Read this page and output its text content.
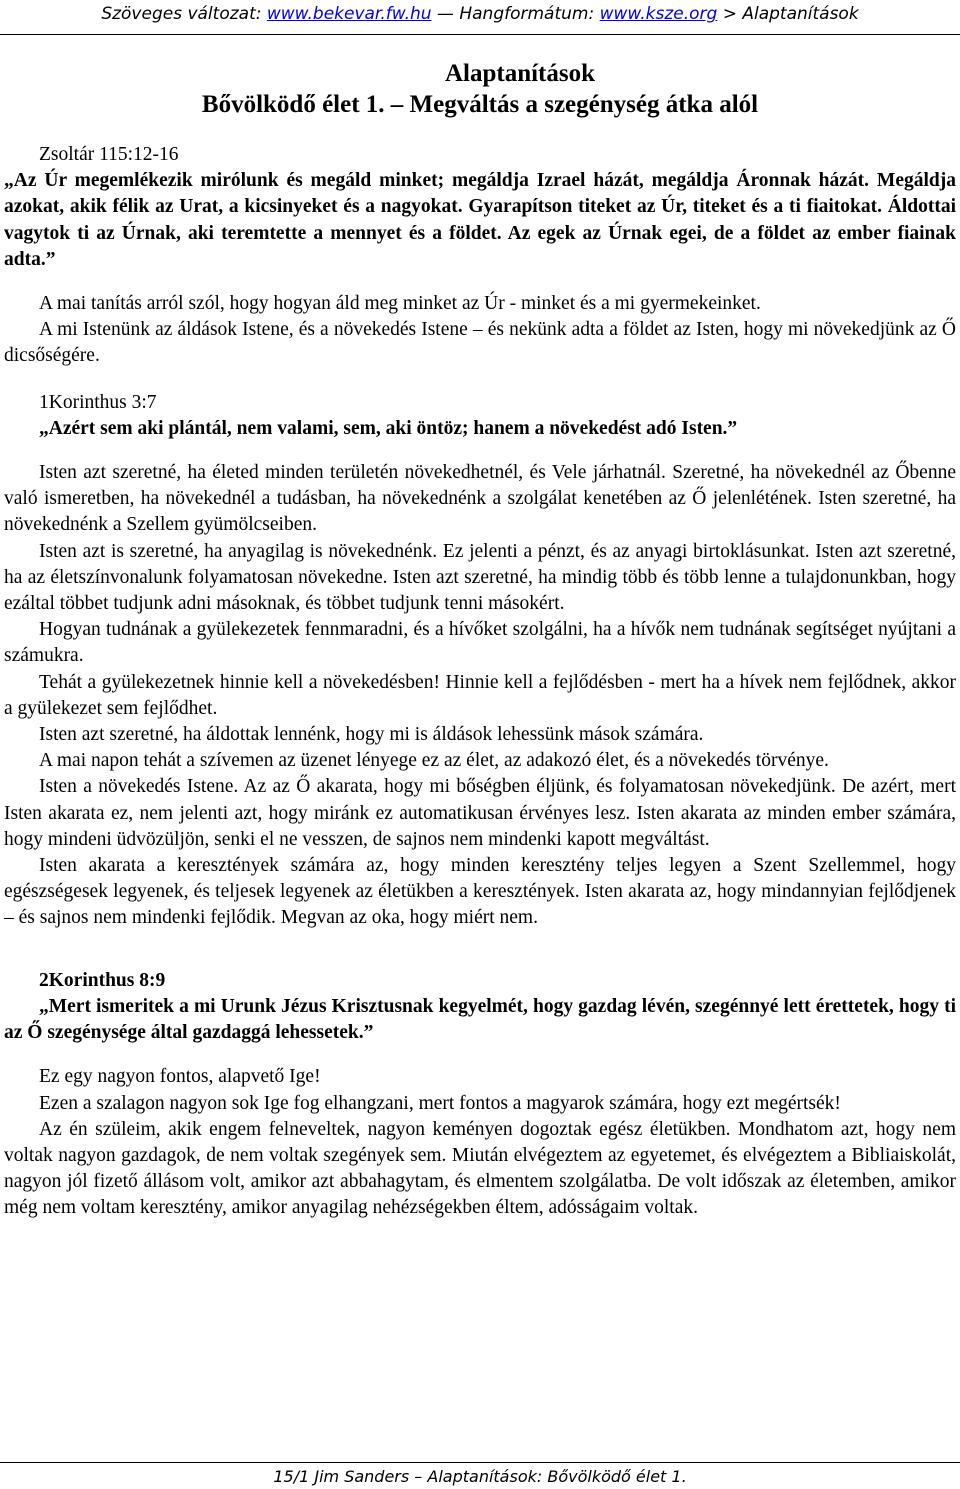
Szöveges változat: www.bekevar.fw.hu — Hangformátum: www.ksze.org > Alaptanítások
Alaptanítások
Bővölködő élet 1. – Megváltás a szegénység átka alól

Zsoltár 115:12-16

„Az Úr megemlékezik mirólunk és megáld minket; megáldja Izrael házát, megáldja Áronnak házát. Megáldja azokat, akik félik az Urat, a kicsinyeket és a nagyokat. Gyarapítson titeket az Úr, titeket és a ti fiaitokat. Áldottai vagytok ti az Úrnak, aki teremtette a mennyet és a földet. Az egek az Úrnak egei, de a földet az ember fiainak adta.”

A mai tanítás arról szól, hogy hogyan áld meg minket az Úr - minket és a mi gyermekeinket.

A mi Istenünk az áldások Istene, és a növekedés Istene – és nekünk adta a földet az Isten, hogy mi növekedjünk az Ő dicsőségére.

1Korinthus 3:7

„Azért sem aki plántál, nem valami, sem, aki öntöz; hanem a növekedést adó Isten.”

Isten azt szeretné, ha életed minden területén növekedhetnél, és Vele járhatnál. Szeretné, ha növekednél az Őbenne való ismeretben, ha növekednél a tudásban, ha növekednénk a szolgálat kenetében az Ő jelenlétének. Isten szeretné, ha növekednénk a Szellem gyümölcseiben.

Isten azt is szeretné, ha anyagilag is növekednénk. Ez jelenti a pénzt, és az anyagi birtoklásunkat. Isten azt szeretné, ha az életszínvonalunk folyamatosan növekedne. Isten azt szeretné, ha mindig több és több lenne a tulajdonunkban, hogy ezáltal többet tudjunk adni másoknak, és többet tudjunk tenni másokért.

Hogyan tudnának a gyülekezetek fennmaradni, és a hívőket szolgálni, ha a hívők nem tudnának segítséget nyújtani a számukra.

Tehát a gyülekezetnek hinnie kell a növekedésben! Hinnie kell a fejlődésben - mert ha a hívek nem fejlődnek, akkor a gyülekezet sem fejlődhet.

Isten azt szeretné, ha áldottak lennénk, hogy mi is áldások lehessünk mások számára.

A mai napon tehát a szívemen az üzenet lényege ez az élet, az adakozó élet, és a növekedés törvénye.

Isten a növekedés Istene. Az az Ő akarata, hogy mi bőségben éljünk, és folyamatosan növekedjünk. De azért, mert Isten akarata ez, nem jelenti azt, hogy miránk ez automatikusan érvényes lesz. Isten akarata az minden ember számára, hogy mindeni üdvözüljön, senki el ne vesszen, de sajnos nem mindenki kapott megváltást.

Isten akarata a keresztények számára az, hogy minden keresztény teljes legyen a Szent Szellemmel, hogy egészségesek legyenek, és teljesek legyenek az életükben a keresztények. Isten akarata az, hogy mindannyian fejlődjenek – és sajnos nem mindenki fejlődik. Megvan az oka, hogy miért nem.

2Korinthus 8:9

„Mert ismeritek a mi Urunk Jézus Krisztusnak kegyelmét, hogy gazdag lévén, szegénnyé lett érettetek, hogy ti az Ő szegénysége által gazdaggá lehessetek.”

Ez egy nagyon fontos, alapvető Ige!

Ezen a szalagon nagyon sok Ige fog elhangzani, mert fontos a magyarok számára, hogy ezt megértsék!

Az én szüleim, akik engem felneveltek, nagyon keményen dogoztak egész életükben. Mondhatom azt, hogy nem voltak nagyon gazdagok, de nem voltak szegények sem. Miután elvégeztem az egyetemet, és elvégeztem a Bibliaiskolát, nagyon jól fizető állásom volt, amikor azt abbahagytam, és elmentem szolgálatba. De volt időszak az életemben, amikor még nem voltam keresztény, amikor anyagilag nehézségekben éltem, adósságaim voltak.

15/1 Jim Sanders – Alaptanítások: Bővölködő élet 1.
